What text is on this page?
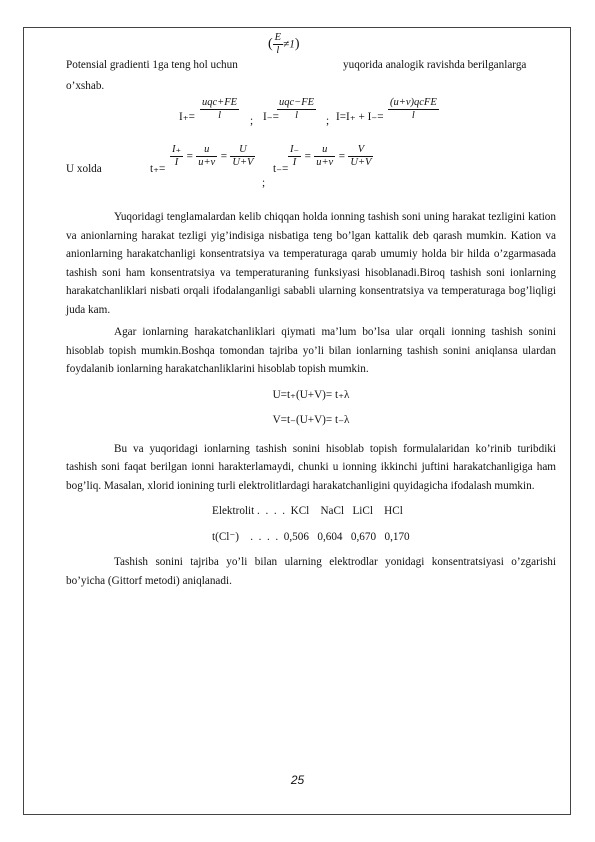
Potensial gradienti 1ga teng hol uchun
( $\frac{E}{l} \ne 1$)
yuqorida analogik ravishda berilganlarga
o’xshab.
I₊=
uqc+FE
l	; I₋=
uqc−FE
l	; I=I₊ + I₋=
(u+v)qcFE
l
U xolda	$t_+= \frac{I_+}{I} = \frac{u}{u+v} = \frac{U}{U+V}$
;
$t_-= \frac{I_-}{I} = \frac{u}{u+v} = \frac{V}{U+V}$

Yuqoridagi tenglamalardan kelib chiqqan holda ionning tashish soni uning harakat tezligini kation va anionlarning harakat tezligi yig’indisiga nisbatiga teng bo’lgan kattalik deb qarash mumkin. Kation va anionlarning harakatchanligi konsentratsiya va temperaturaga qarab umumiy holda bir hilda o’zgarmasada tashish soni ham konsentratsiya va temperaturaning funksiyasi hisoblanadi.Biroq tashish soni ionlarning harakatchanliklari nisbati orqali ifodalanganligi sababli ularning konsentratsiya va temperaturaga bog’liqligi juda kam.

Agar ionlarning harakatchanliklari qiymati ma’lum bo’lsa ular orqali ionning tashish sonini hisoblab topish mumkin.Boshqa tomondan tajriba yo’li bilan ionlarning tashish sonini aniqlansa ulardan foydalanib ionlarning harakatchanliklarini hisoblab topish mumkin.

U=t₊(U+V)= t₊λ

V=t₋(U+V)= t₋λ

Bu va yuqoridagi ionlarning tashish sonini hisoblab topish formulalaridan ko’rinib turibdiki tashish soni faqat berilgan ionni harakterlamaydi, chunki u ionning ikkinchi juftini harakatchanligiga ham bog’liq. Masalan, xlorid ionining turli elektrolitlardagi harakatchanligini quyidagicha ifodalash mumkin.

Elektrolit .  .  .  .  KCl    NaCl   LiCl    HCl

t(Cl⁻)    .  .  .  .  0,506   0,604   0,670   0,170

Tashish sonini tajriba yo’li bilan ularning elektrodlar yonidagi konsentratsiyasi o’zgarishi bo’yicha (Gittorf metodi) aniqlanadi.

25
